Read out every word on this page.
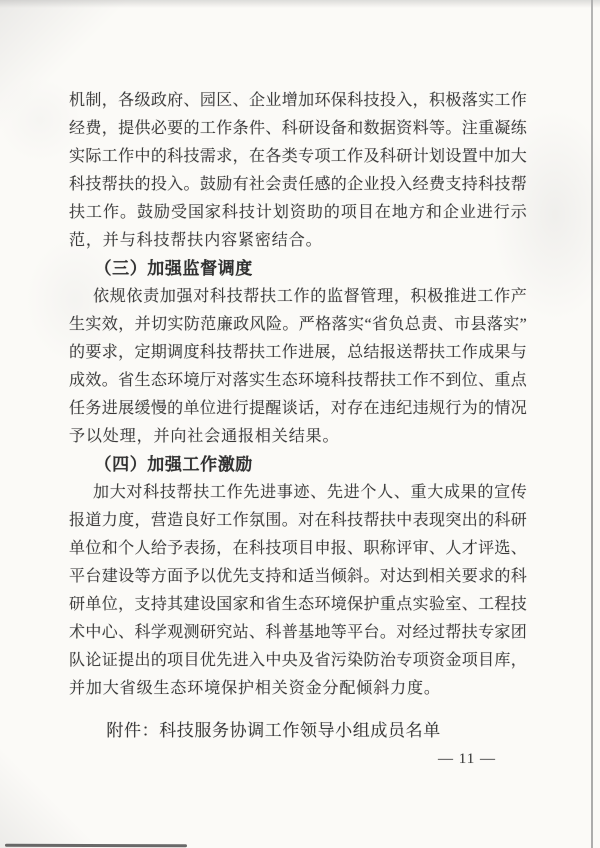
机制，各级政府、园区、企业增加环保科技投入，积极落实工作
经费，提供必要的工作条件、科研设备和数据资料等。注重凝练
实际工作中的科技需求，在各类专项工作及科研计划设置中加大
科技帮扶的投入。鼓励有社会责任感的企业投入经费支持科技帮
扶工作。鼓励受国家科技计划资助的项目在地方和企业进行示
范，并与科技帮扶内容紧密结合。
（三）加强监督调度
依规依责加强对科技帮扶工作的监督管理，积极推进工作产
生实效，并切实防范廉政风险。严格落实“省负总责、市县落实”
的要求，定期调度科技帮扶工作进展，总结报送帮扶工作成果与
成效。省生态环境厅对落实生态环境科技帮扶工作不到位、重点
任务进展缓慢的单位进行提醒谈话，对存在违纪违规行为的情况
予以处理，并向社会通报相关结果。
（四）加强工作激励
加大对科技帮扶工作先进事迹、先进个人、重大成果的宣传
报道力度，营造良好工作氛围。对在科技帮扶中表现突出的科研
单位和个人给予表扬，在科技项目申报、职称评审、人才评选、
平台建设等方面予以优先支持和适当倾斜。对达到相关要求的科
研单位，支持其建设国家和省生态环境保护重点实验室、工程技
术中心、科学观测研究站、科普基地等平台。对经过帮扶专家团
队论证提出的项目优先进入中央及省污染防治专项资金项目库，
并加大省级生态环境保护相关资金分配倾斜力度。
附件：科技服务协调工作领导小组成员名单
— 11 —
